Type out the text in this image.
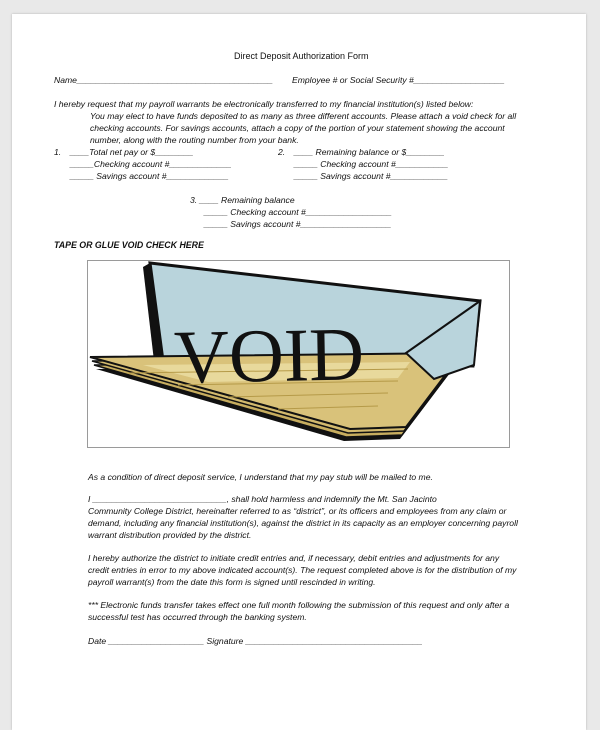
Direct Deposit Authorization Form
Name_________________________________________ Employee # or Social Security #___________________
I hereby request that my payroll warrants be electronically transferred to my financial institution(s) listed below:
You may elect to have funds deposited to as many as three different accounts. Please attach a void check for all
checking accounts. For savings accounts, attach a copy of the portion of your statement showing the account
number, along with the routing number from your bank.
1. ____Total net pay or $________
_____Checking account #_____________
_____ Savings account #_____________
2. ____ Remaining balance or $________
_____ Checking account #___________
_____ Savings account #____________
3. ____ Remaining balance
_____ Checking account #__________________
_____ Savings account #___________________
TAPE OR GLUE VOID CHECK HERE
VOID
As a condition of direct deposit service, I understand that my pay stub will be mailed to me.
I ____________________________, shall hold harmless and indemnify the Mt. San Jacinto
Community College District, hereinafter referred to as “district”, or its officers and employees from any claim or
demand, including any financial institution(s), against the district in its capacity as an employer concerning payroll
warrant distribution provided by the district.
I hereby authorize the district to initiate credit entries and, if necessary, debit entries and adjustments for any
credit entries in error to my above indicated account(s). The request completed above is for the distribution of my
payroll warrant(s) from the date this form is signed until rescinded in writing.
*** Electronic funds transfer takes effect one full month following the submission of this request and only after a
successful test has occurred through the banking system.
Date ____________________ Signature _____________________________________
